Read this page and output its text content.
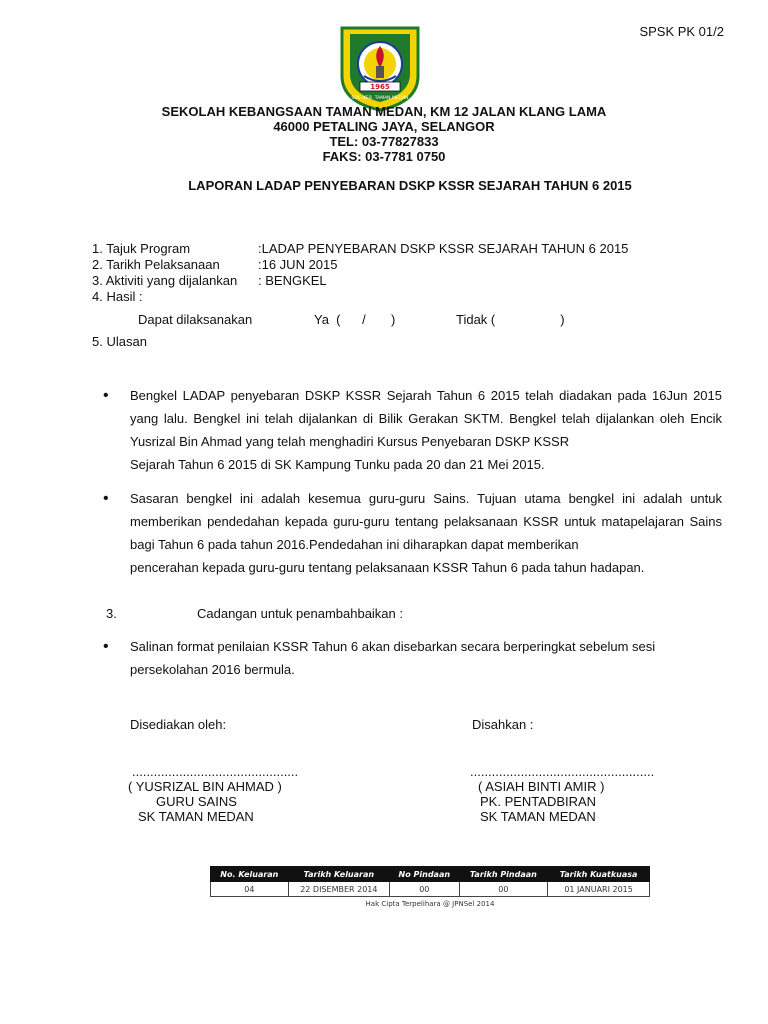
SPSK PK 01/2
1965
SEK. KEB. TAMAN MEDAN
SEKOLAH KEBANGSAAN TAMAN MEDAN, KM 12 JALAN KLANG LAMA
46000 PETALING JAYA, SELANGOR
TEL: 03-77827833
FAKS: 03-7781 0750
LAPORAN LADAP PENYEBARAN DSKP KSSR SEJARAH TAHUN 6 2015
1. Tajuk Program	:LADAP PENYEBARAN DSKP KSSR SEJARAH TAHUN 6 2015
2. Tarikh Pelaksanaan	:16 JUN 2015
3. Aktiviti yang dijalankan : BENGKEL
4. Hasil :
Dapat dilaksanakan	Ya  (      /       )	Tidak (                  )
5. Ulasan
• Bengkel LADAP penyebaran DSKP KSSR Sejarah Tahun 6 2015 telah diadakan pada 16Jun 2015 yang lalu. Bengkel ini telah dijalankan di Bilik Gerakan SKTM. Bengkel telah dijalankan oleh Encik Yusrizal Bin Ahmad yang telah menghadiri Kursus Penyebaran DSKP KSSR
Sejarah Tahun 6 2015 di SK Kampung Tunku pada 20 dan 21 Mei 2015.
• Sasaran bengkel ini adalah kesemua guru-guru Sains. Tujuan utama bengkel ini adalah untuk memberikan pendedahan kepada guru-guru tentang pelaksanaan KSSR untuk matapelajaran Sains bagi Tahun 6 pada tahun 2016.Pendedahan ini diharapkan dapat memberikan
pencerahan kepada guru-guru tentang pelaksanaan KSSR Tahun 6 pada tahun hadapan.
3.	Cadangan untuk penambahbaikan :
• Salinan format penilaian KSSR Tahun 6 akan disebarkan secara berperingkat sebelum sesi
persekolahan 2016 bermula.
Disediakan oleh:	Disahkan :
..............................................
( YUSRIZAL BIN AHMAD )
GURU SAINS
SK TAMAN MEDAN
...................................................
( ASIAH BINTI AMIR )
PK. PENTADBIRAN
SK TAMAN MEDAN
No. Keluaran	Tarikh Keluaran	No Pindaan	Tarikh Pindaan	Tarikh Kuatkuasa
04	22 DISEMBER 2014	00	00	01 JANUARI 2015
Hak Cipta Terpelihara @ JPNSel 2014
